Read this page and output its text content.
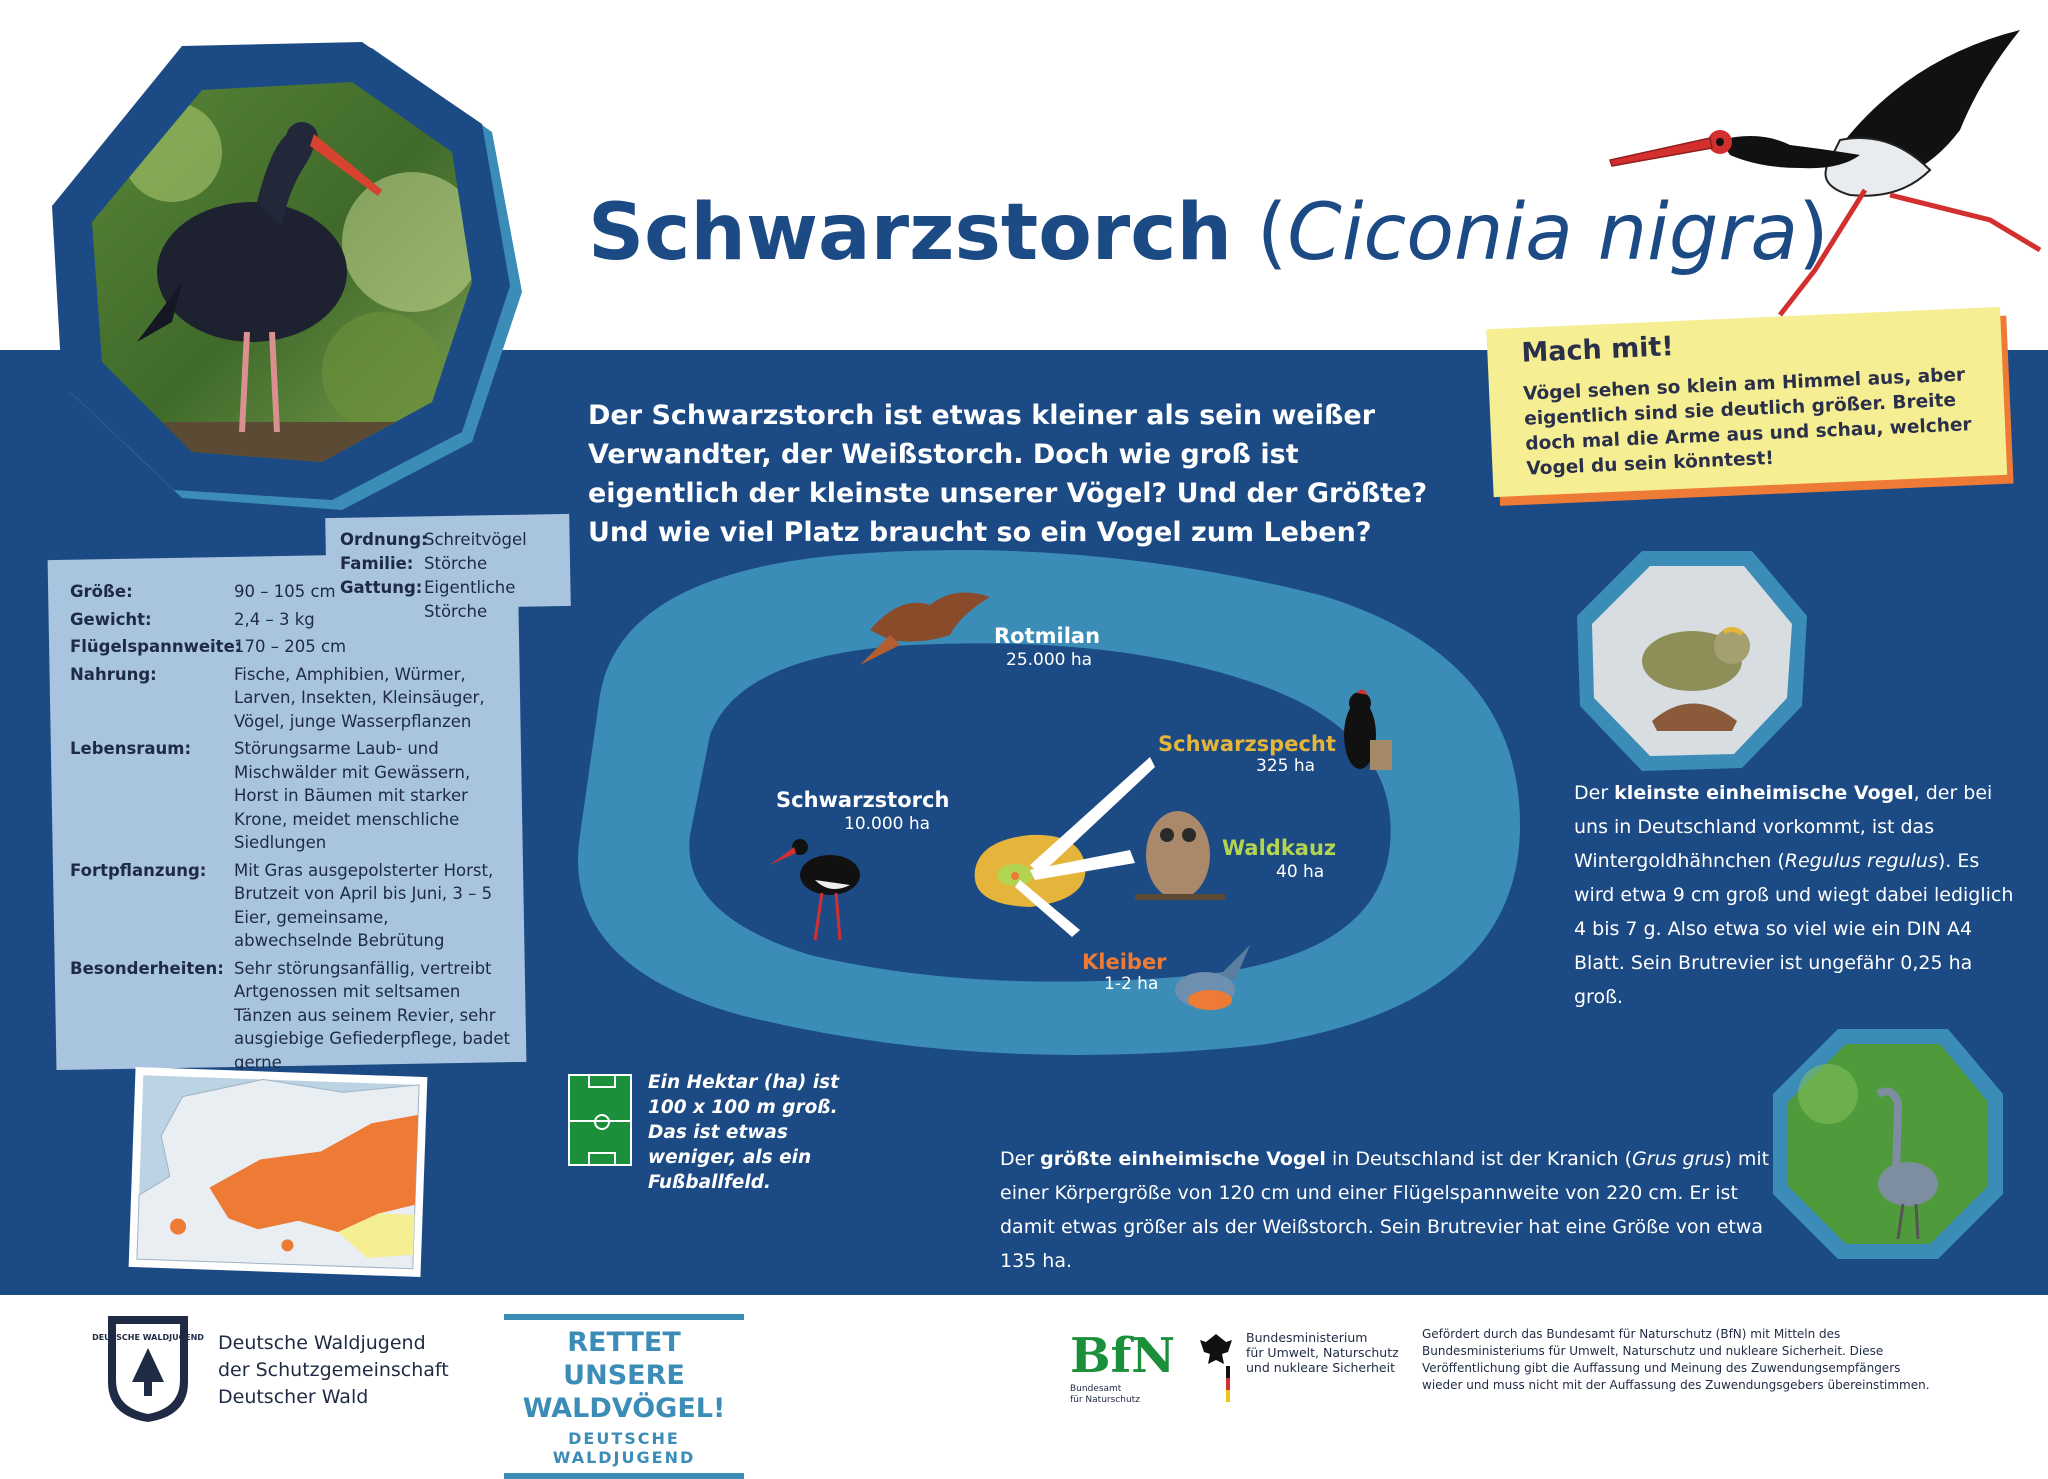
Schwarzstorch (Ciconia nigra)
Der Schwarzstorch ist etwas kleiner als sein weißer Verwandter, der Weißstorch. Doch wie groß ist eigentlich der kleinste unserer Vögel? Und der Größte? Und wie viel Platz braucht so ein Vogel zum Leben?
Mach mit!

Vögel sehen so klein am Himmel aus, aber eigentlich sind sie deutlich größer. Breite doch mal die Arme aus und schau, welcher Vogel du sein könntest!

Ordnung:
Schreitvögel
Familie: Störche
Gattung: Eigentliche Störche
Größe:	90 – 105 cm
Gewicht:	2,4 – 3 kg
Flügelspannweite:
170 – 205 cm
Nahrung:	Fische, Amphibien, Würmer, Larven, Insekten, Kleinsäuger, Vögel, junge Wasserpflanzen
Lebensraum:	Störungsarme Laub- und Mischwälder mit Gewässern, Horst in Bäumen mit starker Krone, meidet menschliche Siedlungen
Fortpflanzung:	Mit Gras ausgepolsterter Horst, Brutzeit von April bis Juni, 3 – 5 Eier, gemeinsame, abwechselnde Bebrütung
Besonderheiten: Sehr störungsanfällig, vertreibt Artgenossen mit seltsamen Tänzen aus seinem Revier, sehr ausgiebige Gefiederpflege, badet gerne
Rotmilan
25.000 ha
Schwarzstorch
10.000 ha
Schwarzspecht
325 ha
Waldkauz
40 ha
Kleiber
1-2 ha
Ein Hektar (ha) ist 100 x 100 m groß. Das ist etwas weniger, als ein Fußballfeld.
Der kleinste einheimische Vogel, der bei uns in Deutschland vorkommt, ist das Wintergoldhähnchen (Regulus regulus). Es wird etwa 9 cm groß und wiegt dabei lediglich 4 bis 7 g. Also etwa so viel wie ein DIN A4 Blatt. Sein Brutrevier ist ungefähr 0,25 ha groß.
Der größte einheimische Vogel in Deutschland ist der Kranich (Grus grus) mit einer Körpergröße von 120 cm und einer Flügelspannweite von 220 cm. Er ist damit etwas größer als der Weißstorch. Sein Brutrevier hat eine Größe von etwa 135 ha.
DEUTSCHE WALDJUGEND Deutsche Waldjugend
der Schutzgemeinschaft
Deutscher Wald
RETTET UNSERE
WALDVÖGEL!
DEUTSCHE WALDJUGEND
BfN
Bundesamt
für Naturschutz
Bundesministerium
für Umwelt, Naturschutz
und nukleare Sicherheit
Gefördert durch das Bundesamt für Naturschutz (BfN) mit Mitteln des Bundesministeriums für Umwelt, Naturschutz und nukleare Sicherheit. Diese Veröffentlichung gibt die Auffassung und Meinung des Zuwendungsempfängers wieder und muss nicht mit der Auffassung des Zuwendungsgebers übereinstimmen.
